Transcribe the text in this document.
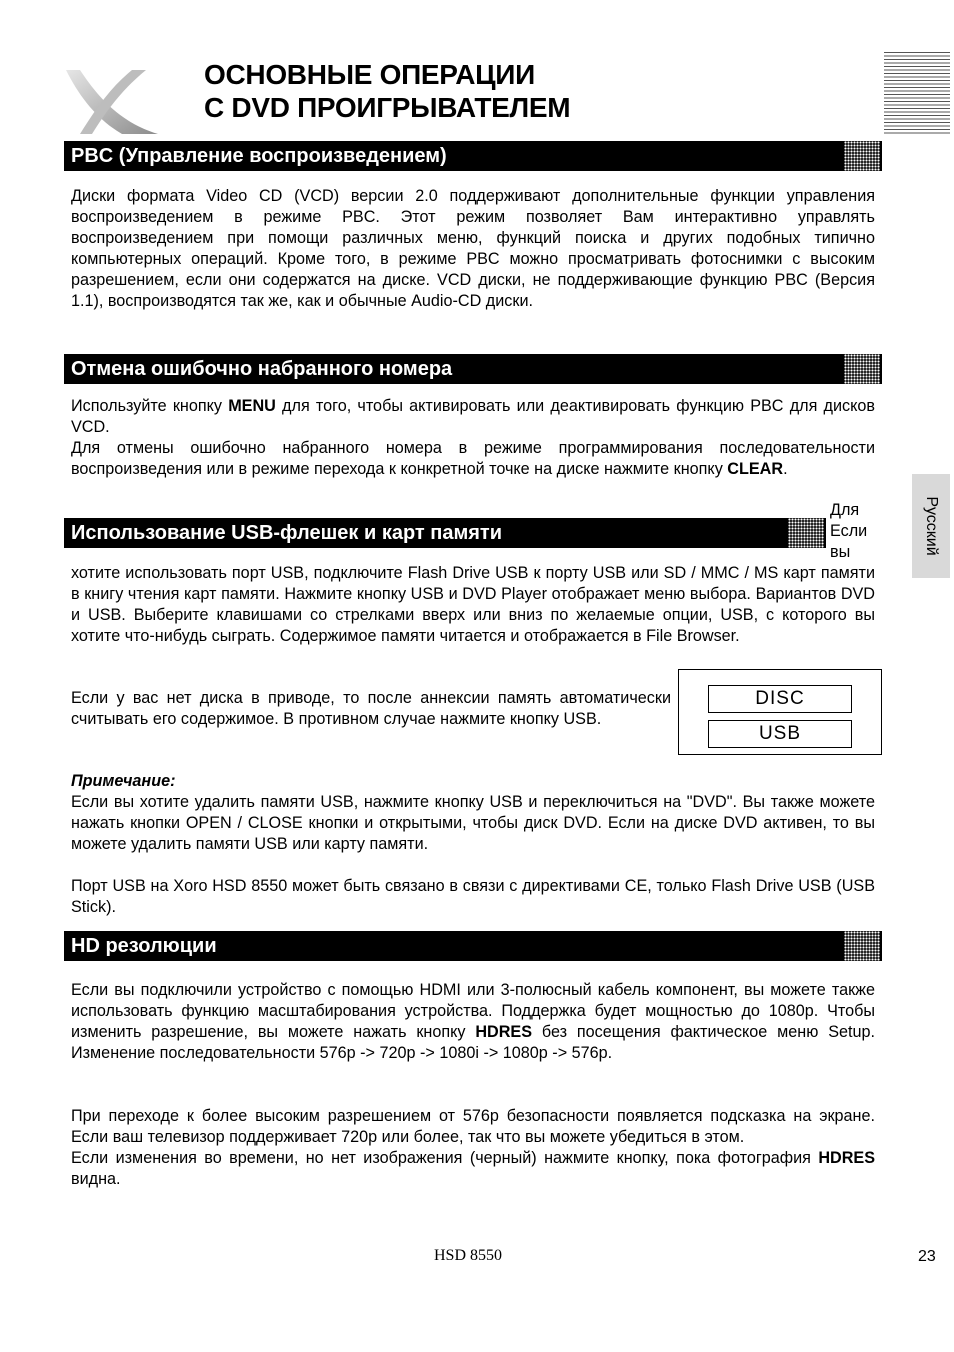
ОСНОВНЫЕ ОПЕРАЦИИ
С DVD ПРОИГРЫВАТЕЛЕМ
Русский
PBC (Управление воспроизведением)

Диски формата Video CD (VCD) версии 2.0 поддерживают дополнительные функции управления воспроизведением в режиме PBC. Этот режим позволяет Вам интерактивно управлять воспроизведением при помощи различных меню, функций поиска и других подобных типично компьютерных операций. Кроме того, в режиме PBC можно просматривать фотоснимки с высоким разрешением, если они содержатся на диске. VCD диски, не поддерживающие функцию PBC (Версия 1.1), воспроизводятся так же, как и обычные Audio-CD диски.

Отмена ошибочно набранного номера

Используйте кнопку MENU для того, чтобы активировать или деактивировать функцию PBC для дисков VCD.

Для отмены ошибочно набранного номера в режиме программирования последовательности воспроизведения или в режиме перехода к конкретной точке на диске нажмите кнопку CLEAR.

Использование USB-флешек и карт памяти
Для
Если
вы

хотите использовать порт USB, подключите Flash Drive USB к порту USB или SD / MMC / MS карт памяти в книгу чтения карт памяти. Нажмите кнопку USB и DVD Player отображает меню выбора. Вариантов DVD и USB. Выберите клавишами со стрелками вверх или вниз по желаемые опции, USB, с которого вы хотите что-нибудь сыграть. Содержимое памяти читается и отображается в File Browser.

Если у вас нет диска в приводе, то после аннексии память автоматически считывать его содержимое. В противном случае нажмите кнопку USB.

DISC
USB

Примечание:

Если вы хотите удалить памяти USB, нажмите кнопку USB и переключиться на "DVD". Вы также можете нажать кнопки OPEN / CLOSE кнопки и открытыми, чтобы диск DVD. Если на диске DVD активен, то вы можете удалить памяти USB или карту памяти.

Порт USB на Xoro HSD 8550 может быть связано в связи с директивами CE, только Flash Drive USB (USB Stick).

HD резолюции

Если вы подключили устройство с помощью HDMI или 3-полюсный кабель компонент, вы можете также использовать функцию масштабирования устройства. Поддержка будет мощностью до 1080p. Чтобы изменить разрешение, вы можете нажать кнопку HDRES без посещения фактическое меню Setup. Изменение последовательности 576p -> 720p -> 1080i -> 1080p -> 576p.

При переходе к более высоким разрешением от 576p безопасности появляется подсказка на экране. Если ваш телевизор поддерживает 720p или более, так что вы можете убедиться в этом.

Если изменения во времени, но нет изображения (черный) нажмите кнопку, пока фотография HDRES видна.

HSD 8550	23
